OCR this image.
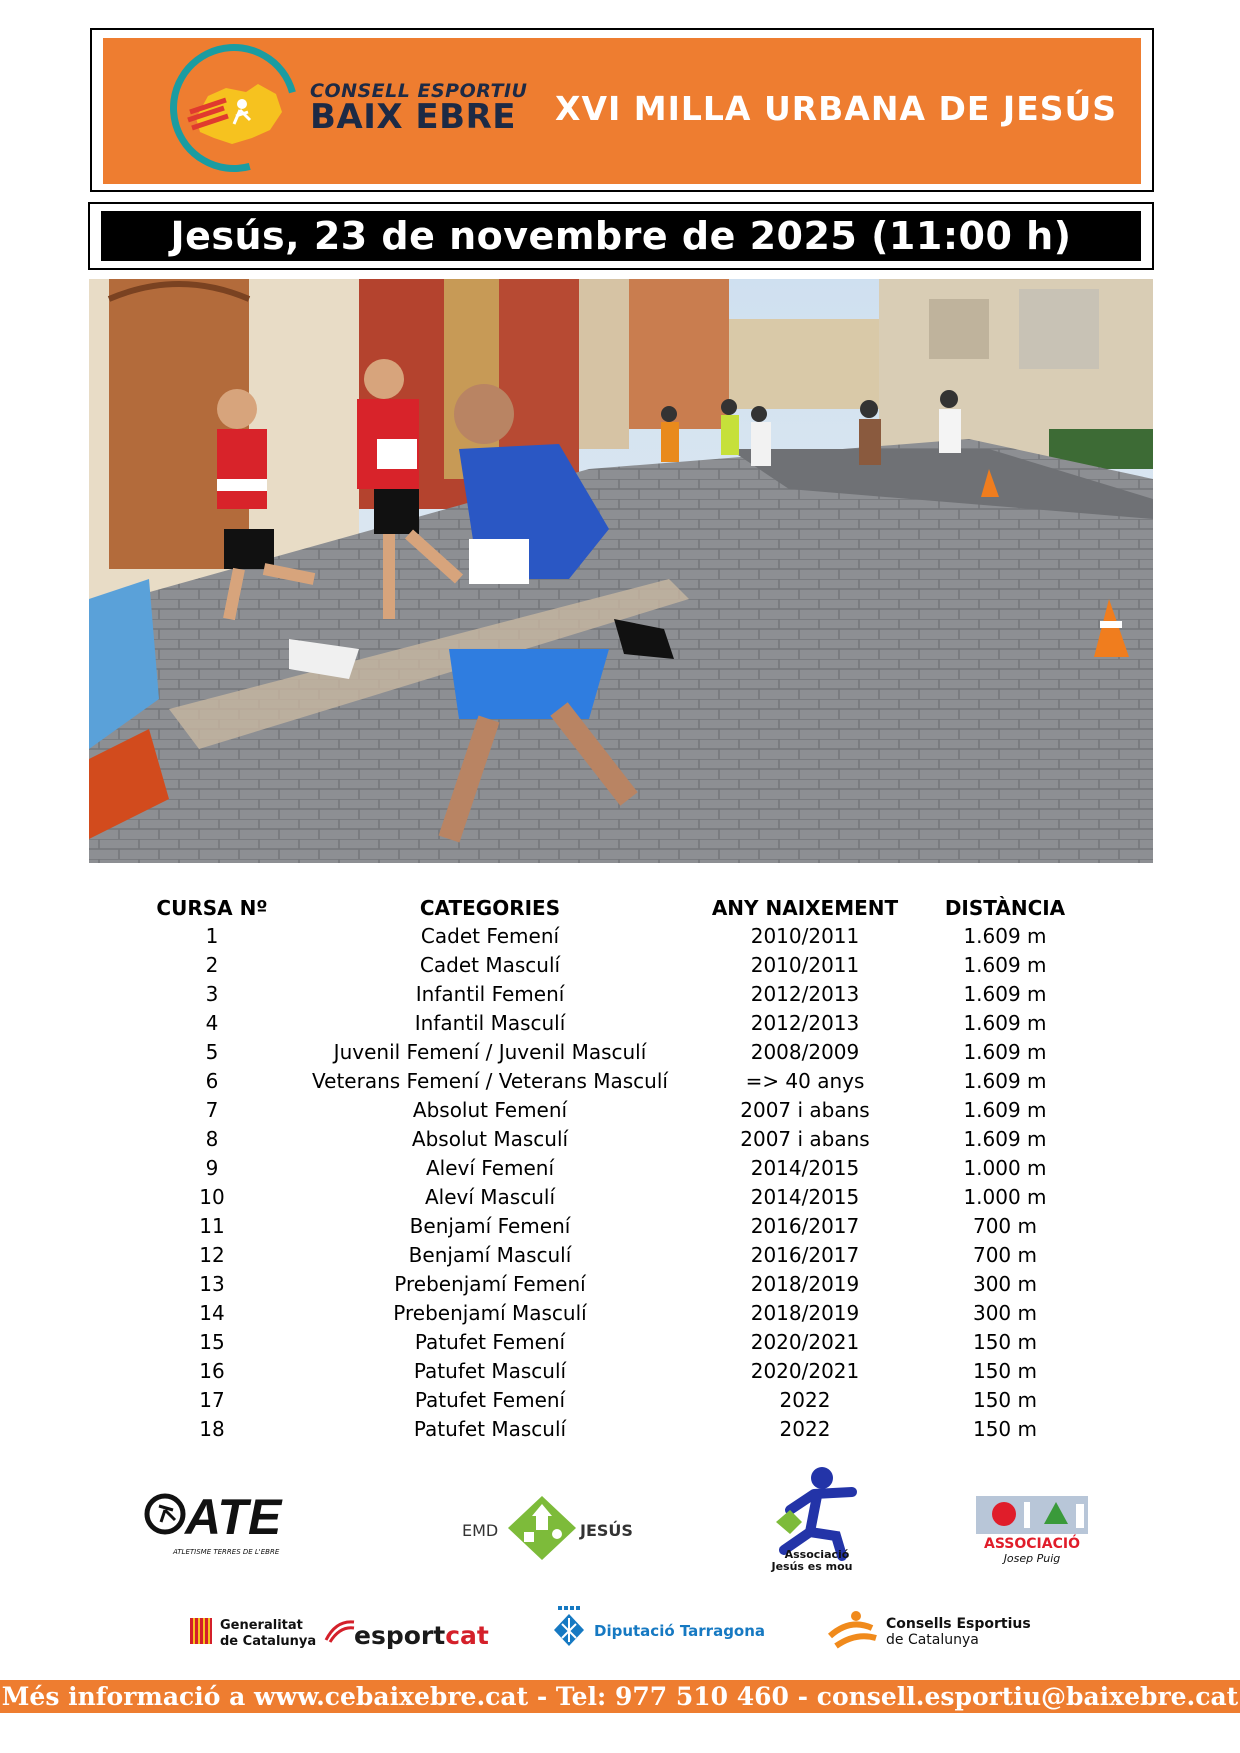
CONSELL ESPORTIU
BAIX EBRE XVI MILLA URBANA DE JESÚS
Jesús, 23 de novembre de 2025 (11:00 h)
CURSA Nº	CATEGORIES	ANY NAIXEMENT	DISTÀNCIA
1	Cadet Femení	2010/2011	1.609 m
2	Cadet Masculí	2010/2011	1.609 m
3	Infantil Femení	2012/2013	1.609 m
4	Infantil Masculí	2012/2013	1.609 m
5	Juvenil Femení / Juvenil Masculí	2008/2009	1.609 m
6	Veterans Femení / Veterans Masculí	=> 40 anys	1.609 m
7	Absolut Femení	2007 i abans	1.609 m
8	Absolut Masculí	2007 i abans	1.609 m
9	Aleví Femení	2014/2015	1.000 m
10	Aleví Masculí	2014/2015	1.000 m
11	Benjamí Femení	2016/2017	700 m
12	Benjamí Masculí	2016/2017	700 m
13	Prebenjamí Femení	2018/2019	300 m
14	Prebenjamí Masculí	2018/2019	300 m
15	Patufet Femení	2020/2021	150 m
16	Patufet Masculí	2020/2021	150 m
17	Patufet Femení	2022	150 m
18	Patufet Masculí	2022	150 m
ATE
ATLETISME TERRES DE L'EBRE
EMD	JESÚS
Associació
Jesús es mou
ASSOCIACIÓ
Josep Puig
Generalitat
de Catalunya esportcat	Diputació Tarragona	Consells Esportius
de Catalunya
Més informació a www.cebaixebre.cat - Tel: 977 510 460 - consell.esportiu@baixebre.cat
